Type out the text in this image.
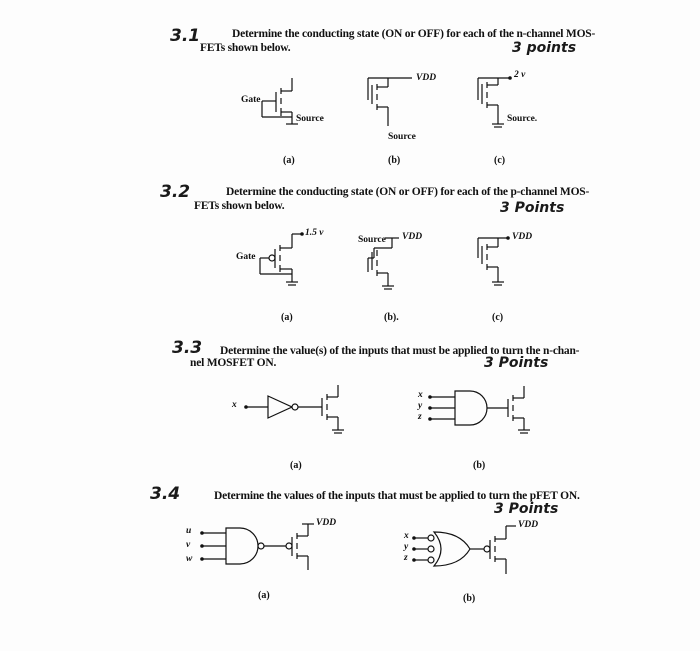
3.1	Determine the conducting state (ON or OFF) for each of the n-channel MOS-
FETs shown below.	3 points
Gate
Source
VDD
Source
2 v
Source.
(a)	(b)	(c)
3.2	Determine the conducting state (ON or OFF) for each of the p-channel MOS-
FETs shown below.	3 Points
Gate
1.5 v
Source VDD	VDD
(a)	(b).	(c)
3.3 Determine the value(s) of the inputs that must be applied to turn the n-chan-
nel MOSFET ON.	3 Points
x
x
y
z
(a)	(b)
3.4	Determine the values of the inputs that must be applied to turn the pFET ON.
3 Points
u
v
w
VDD
x
y
z
VDD
(a)	(b)
